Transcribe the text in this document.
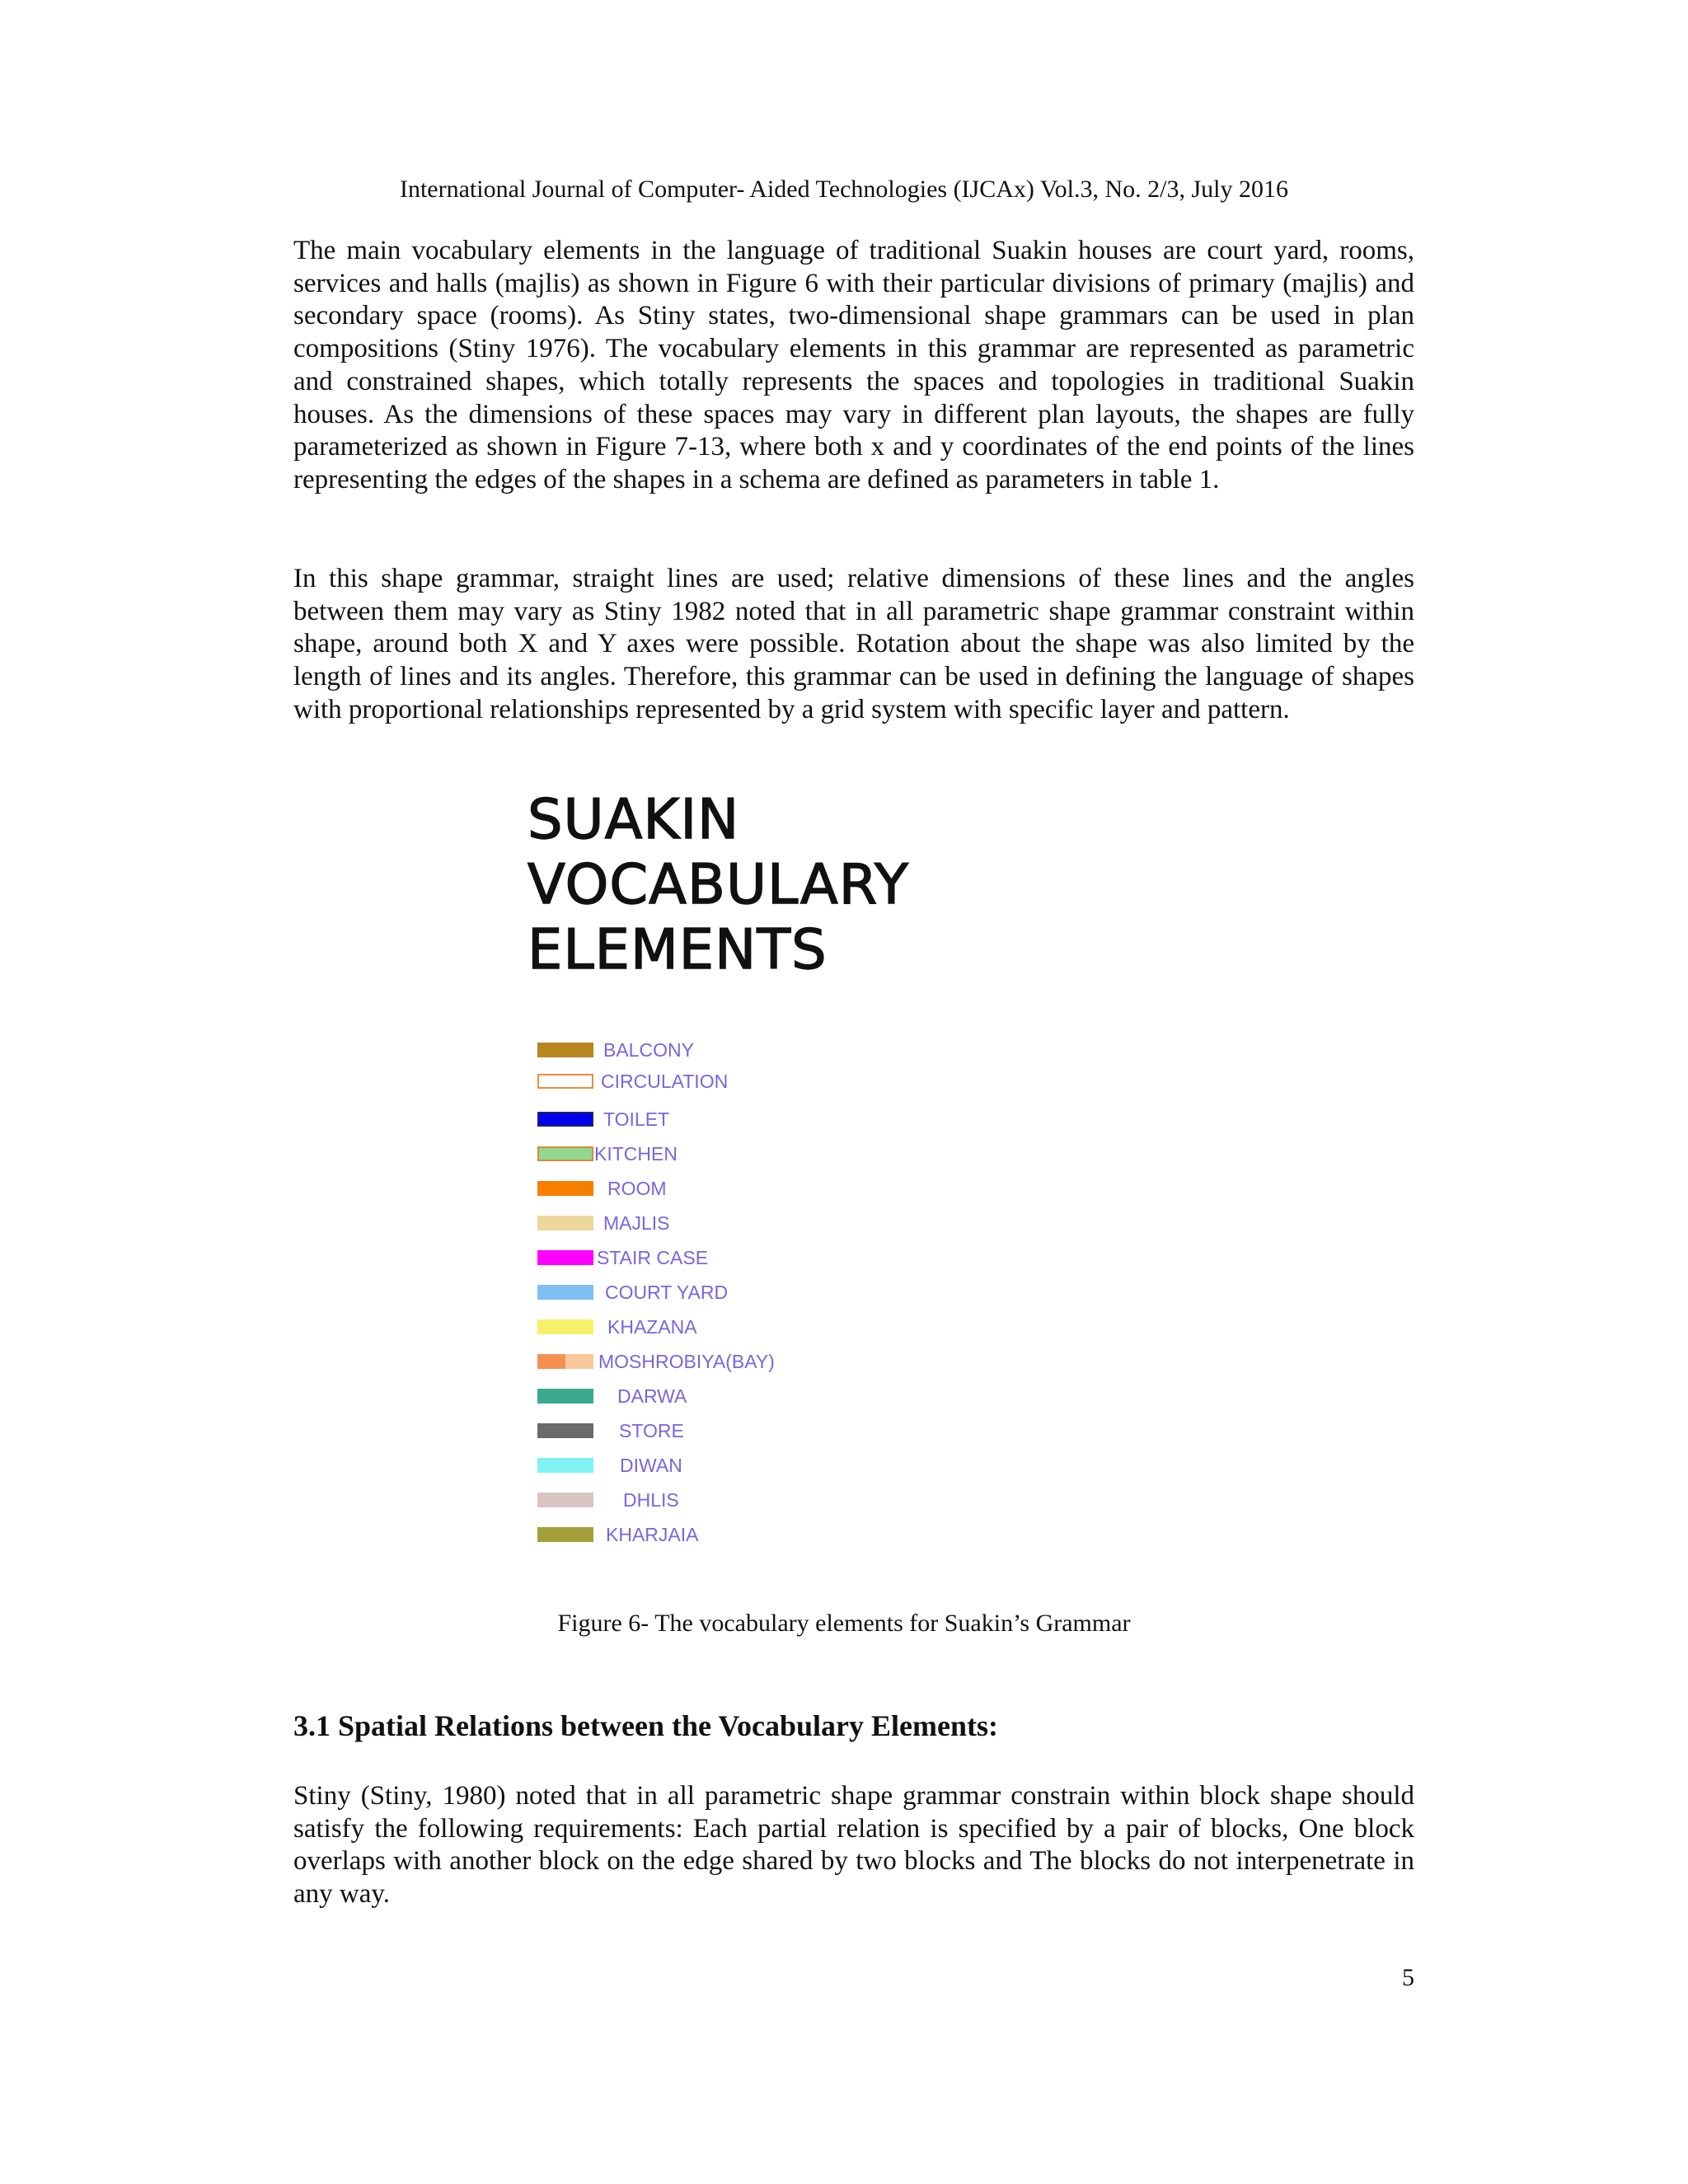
International Journal of Computer- Aided Technologies (IJCAx) Vol.3, No. 2/3, July 2016

The main vocabulary elements in the language of traditional Suakin houses are court yard, rooms, services and halls (majlis) as shown in Figure 6 with their particular divisions of primary (majlis) and secondary space (rooms). As Stiny states, two-dimensional shape grammars can be used in plan compositions (Stiny 1976). The vocabulary elements in this grammar are represented as parametric and constrained shapes, which totally represents the spaces and topologies in traditional Suakin houses. As the dimensions of these spaces may vary in different plan layouts, the shapes are fully parameterized as shown in Figure 7-13, where both x and y coordinates of the end points of the lines representing the edges of the shapes in a schema are defined as parameters in table 1.

In this shape grammar, straight lines are used; relative dimensions of these lines and the angles between them may vary as Stiny 1982 noted that in all parametric shape grammar constraint within shape, around both X and Y axes were possible. Rotation about the shape was also limited by the length of lines and its angles. Therefore, this grammar can be used in defining the language of shapes with proportional relationships represented by a grid system with specific layer and pattern.

SUAKIN
VOCABULARY
ELEMENTS
BALCONY
CIRCULATION
TOILET
KITCHEN
ROOM
MAJLIS
STAIR CASE
COURT YARD
KHAZANA
MOSHROBIYA(BAY)
DARWA
STORE
DIWAN
DHLIS
KHARJAIA
Figure 6- The vocabulary elements for Suakin’s Grammar
3.1 Spatial Relations between the Vocabulary Elements:

Stiny (Stiny, 1980) noted that in all parametric shape grammar constrain within block shape should satisfy the following requirements: Each partial relation is specified by a pair of blocks, One block overlaps with another block on the edge shared by two blocks and The blocks do not interpenetrate in any way.

5
